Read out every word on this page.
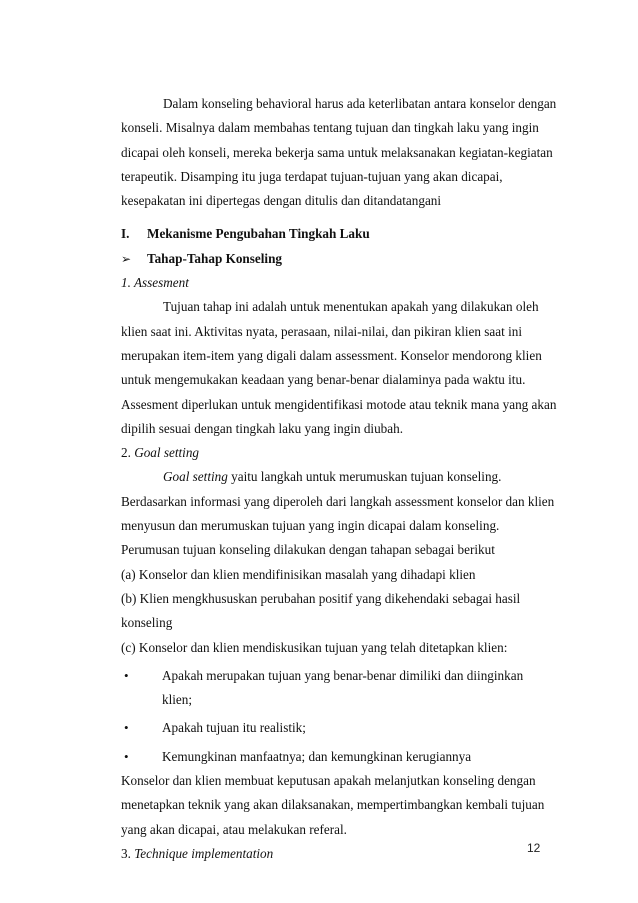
Dalam konseling behavioral harus ada keterlibatan antara konselor dengan
konseli. Misalnya dalam membahas tentang tujuan dan tingkah laku yang ingin
dicapai oleh konseli, mereka bekerja sama untuk melaksanakan kegiatan-kegiatan
terapeutik. Disamping itu juga terdapat tujuan-tujuan yang akan dicapai,
kesepakatan ini dipertegas dengan ditulis dan ditandatangani
I. Mekanisme Pengubahan Tingkah Laku
➢ Tahap-Tahap Konseling
1. Assesment
Tujuan tahap ini adalah untuk menentukan apakah yang dilakukan oleh
klien saat ini. Aktivitas nyata, perasaan, nilai-nilai, dan pikiran klien saat ini
merupakan item-item yang digali dalam assessment. Konselor mendorong klien
untuk mengemukakan keadaan yang benar-benar dialaminya pada waktu itu.
Assesment diperlukan untuk mengidentifikasi motode atau teknik mana yang akan
dipilih sesuai dengan tingkah laku yang ingin diubah.
2. Goal setting
Goal setting yaitu langkah untuk merumuskan tujuan konseling.
Berdasarkan informasi yang diperoleh dari langkah assessment konselor dan klien
menyusun dan merumuskan tujuan yang ingin dicapai dalam konseling.
Perumusan tujuan konseling dilakukan dengan tahapan sebagai berikut
(a) Konselor dan klien mendifinisikan masalah yang dihadapi klien
(b) Klien mengkhususkan perubahan positif yang dikehendaki sebagai hasil
konseling
(c) Konselor dan klien mendiskusikan tujuan yang telah ditetapkan klien:
•	Apakah merupakan tujuan yang benar-benar dimiliki dan diinginkan
klien;
•	Apakah tujuan itu realistik;
•	Kemungkinan manfaatnya; dan kemungkinan kerugiannya
Konselor dan klien membuat keputusan apakah melanjutkan konseling dengan
menetapkan teknik yang akan dilaksanakan, mempertimbangkan kembali tujuan
yang akan dicapai, atau melakukan referal.
3. Technique implementation	12
